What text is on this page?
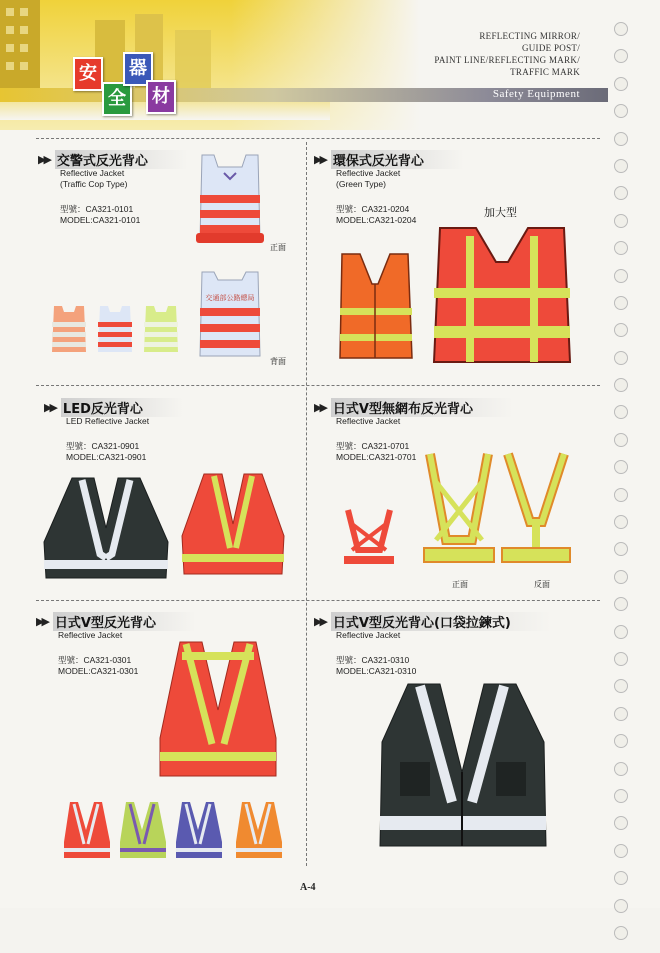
安
全
器
材
REFLECTING MIRROR/
GUIDE POST/
PAINT LINE/REFLECTING MARK/
TRAFFIC MARK
Safety Equipment
▶▶ 交警式反光背心
Reflective Jacket
(Traffic Cop Type)
型號：CA321-0101
MODEL:CA321-0101
正面
交通部公路總局
背面
▶▶ 環保式反光背心
Reflective Jacket
(Green Type)
型號：CA321-0204
MODEL:CA321-0204
加大型
▶▶ LED反光背心
LED Reflective Jacket
型號：CA321-0901
MODEL:CA321-0901
▶▶ 日式V型無網布反光背心
Reflective Jacket
型號：CA321-0701
MODEL:CA321-0701
正面	反面
▶▶ 日式V型反光背心
Reflective Jacket
型號：CA321-0301
MODEL:CA321-0301
▶▶ 日式V型反光背心(口袋拉鍊式)
Reflective Jacket
型號：CA321-0310
MODEL:CA321-0310
A-4
